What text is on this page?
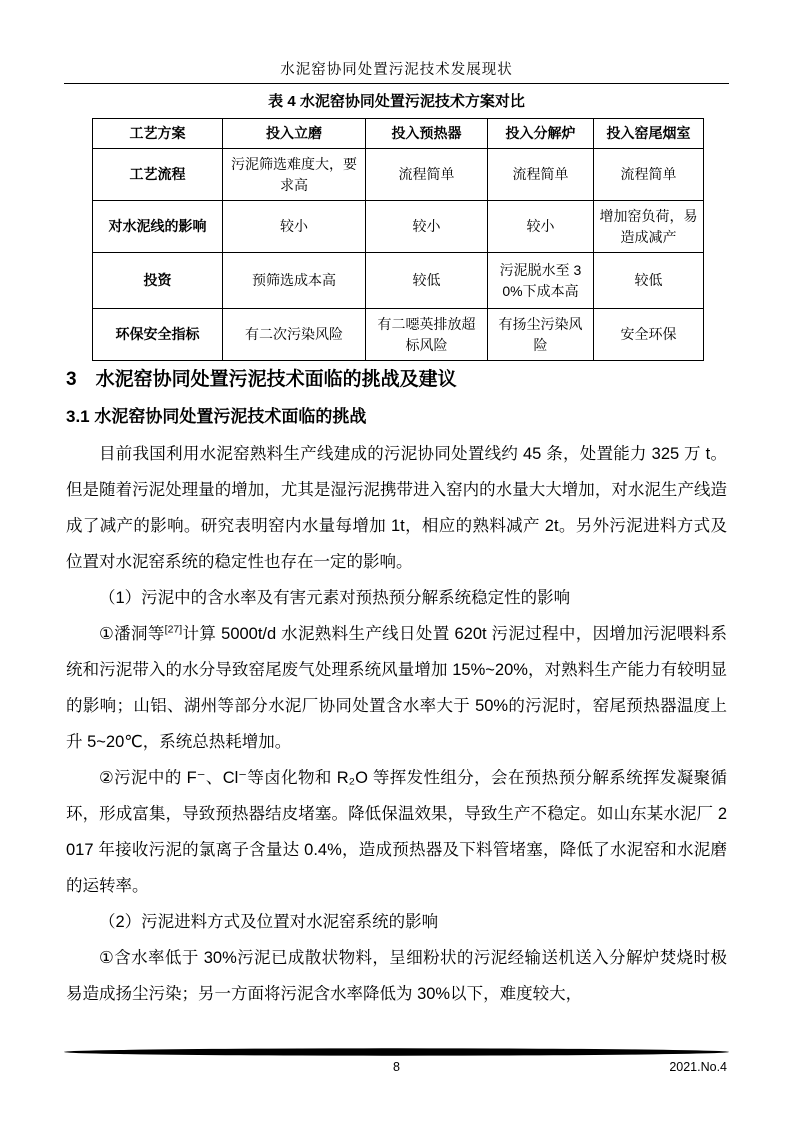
水泥窑协同处置污泥技术发展现状
表 4 水泥窑协同处置污泥技术方案对比
工艺方案	投入立磨	投入预热器	投入分解炉	投入窑尾烟室
工艺流程	污泥筛选难度大，要求高	流程简单	流程简单	流程简单
对水泥线的影响	较小	较小	较小	增加窑负荷，易造成减产
投资	预筛选成本高	较低	污泥脱水至 30%下成本高	较低
环保安全指标	有二次污染风险	有二噁英排放超标风险	有扬尘污染风险	安全环保
3　水泥窑协同处置污泥技术面临的挑战及建议
3.1 水泥窑协同处置污泥技术面临的挑战

目前我国利用水泥窑熟料生产线建成的污泥协同处置线约 45 条，处置能力 325 万 t。但是随着污泥处理量的增加，尤其是湿污泥携带进入窑内的水量大大增加，对水泥生产线造成了减产的影响。研究表明窑内水量每增加 1t，相应的熟料减产 2t。另外污泥进料方式及位置对水泥窑系统的稳定性也存在一定的影响。

（1）污泥中的含水率及有害元素对预热预分解系统稳定性的影响

①潘洞等[27]计算 5000t/d 水泥熟料生产线日处置 620t 污泥过程中，因增加污泥喂料系统和污泥带入的水分导致窑尾废气处理系统风量增加 15%~20%，对熟料生产能力有较明显的影响；山铝、湖州等部分水泥厂协同处置含水率大于 50%的污泥时，窑尾预热器温度上升 5~20℃，系统总热耗增加。

②污泥中的 F⁻、Cl⁻等卤化物和 R₂O 等挥发性组分，会在预热预分解系统挥发凝聚循环，形成富集，导致预热器结皮堵塞。降低保温效果，导致生产不稳定。如山东某水泥厂 2017 年接收污泥的氯离子含量达 0.4%，造成预热器及下料管堵塞，降低了水泥窑和水泥磨的运转率。

（2）污泥进料方式及位置对水泥窑系统的影响

①含水率低于 30%污泥已成散状物料，呈细粉状的污泥经输送机送入分解炉焚烧时极易造成扬尘污染；另一方面将污泥含水率降低为 30%以下，难度较大，

8	2021.No.4
